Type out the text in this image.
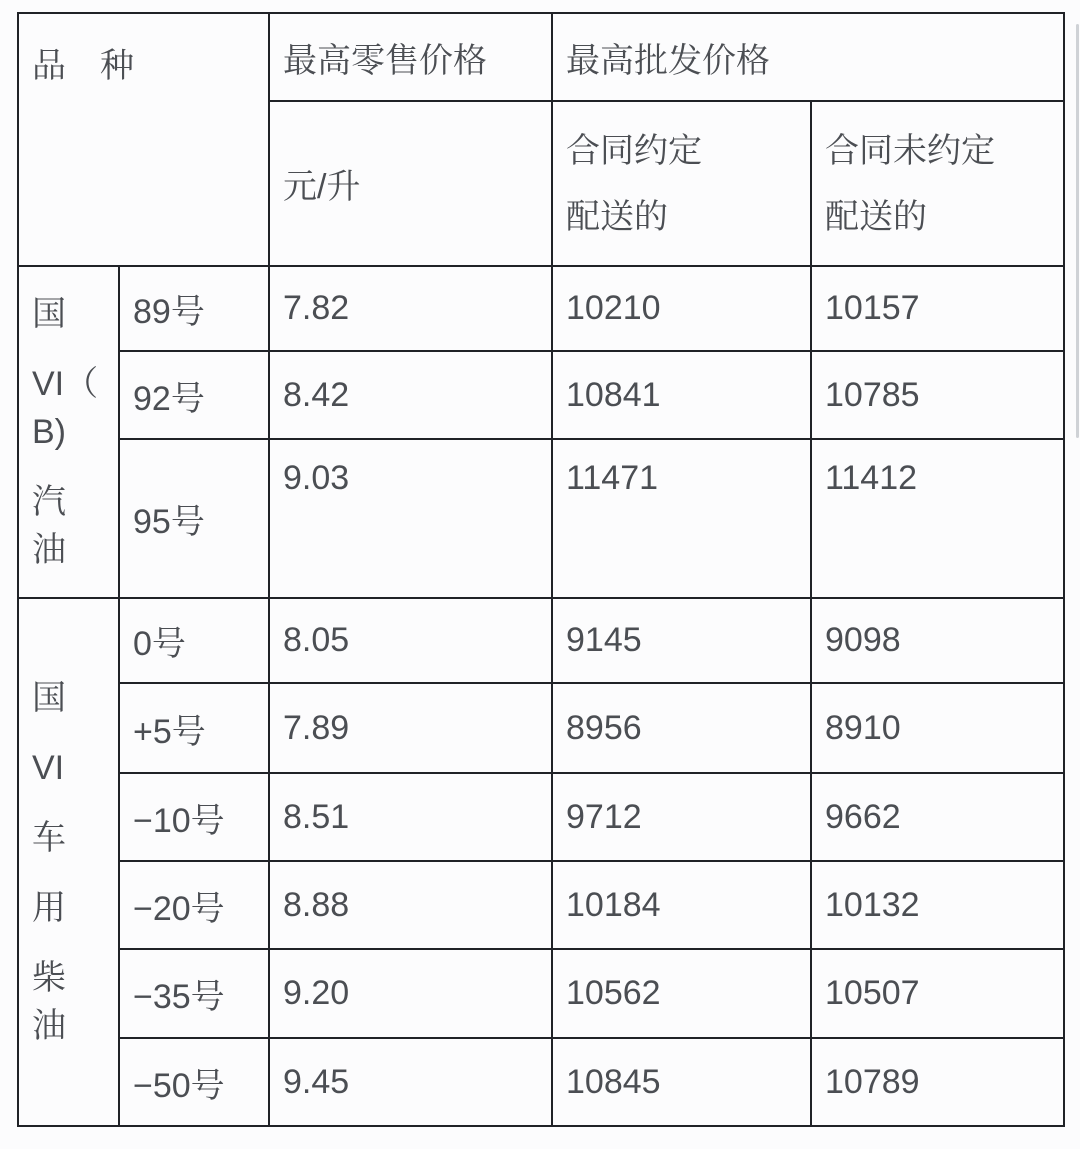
品　种		最高零售价格	最高批发价格	
		元/升	合同约定
配送的	合同未约定
配送的

国

VI（
B)

汽
油	89号	7.82	10210	10157
	92号	8.42	10841	10785
	95号	9.03	11471	11412

国

VI

车

用

柴
油

	0号	8.05	9145	9098
	+5号	7.89	8956	8910
	−10号	8.51	9712	9662
	−20号	8.88	10184	10132
	−35号	9.20	10562	10507
	−50号	9.45	10845	10789
